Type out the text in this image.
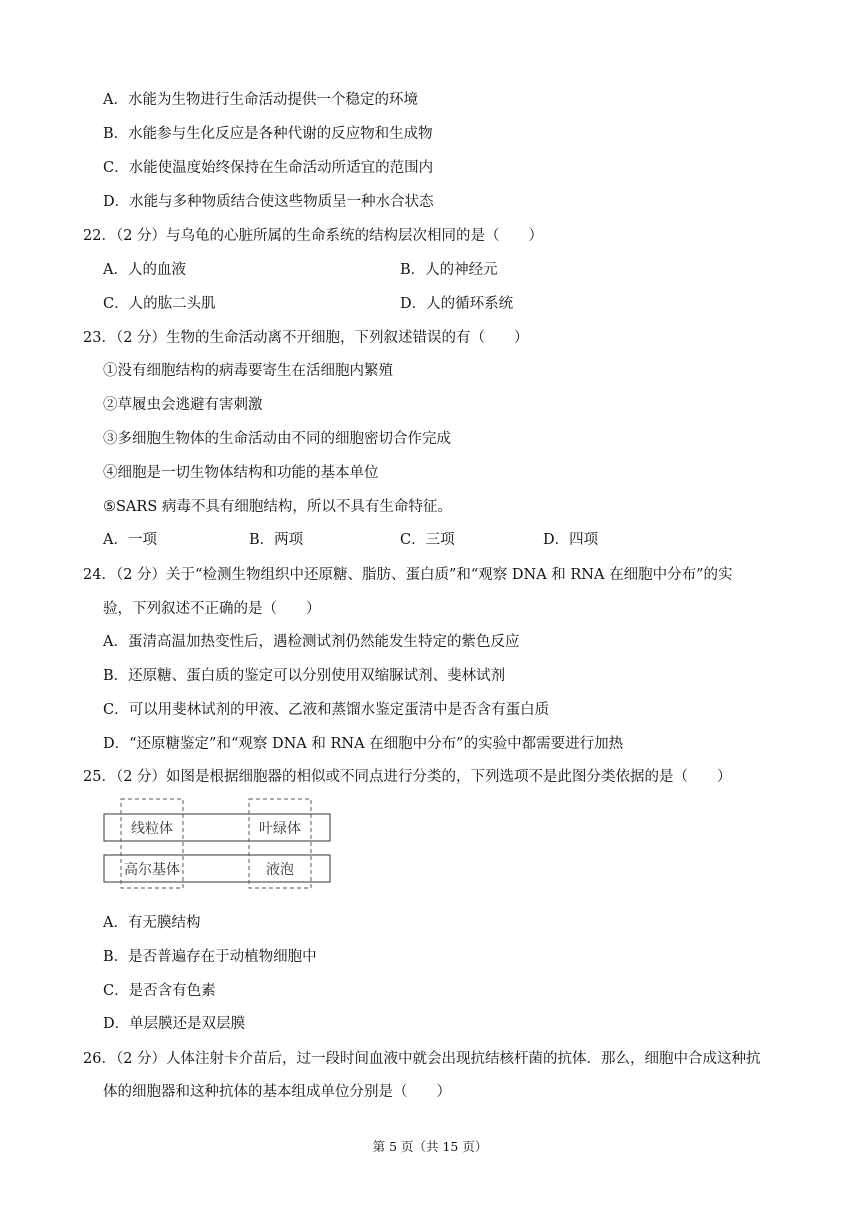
A．水能为生物进行生命活动提供一个稳定的环境
B．水能参与生化反应是各种代谢的反应物和生成物
C．水能使温度始终保持在生命活动所适宜的范围内
D．水能与多种物质结合使这些物质呈一种水合状态
22．（2 分）与乌龟的心脏所属的生命系统的结构层次相同的是（　　）
A．人的血液	B．人的神经元
C．人的肱二头肌	D．人的循环系统
23．（2 分）生物的生命活动离不开细胞，下列叙述错误的有（　　）
①没有细胞结构的病毒要寄生在活细胞内繁殖
②草履虫会逃避有害刺激
③多细胞生物体的生命活动由不同的细胞密切合作完成
④细胞是一切生物体结构和功能的基本单位
⑤SARS 病毒不具有细胞结构，所以不具有生命特征。
A．一项	B．两项	C．三项	D．四项
24．（2 分）关于“检测生物组织中还原糖、脂肪、蛋白质”和“观察 DNA 和 RNA 在细胞中分布”的实
验，下列叙述不正确的是（　　）
A．蛋清高温加热变性后，遇检测试剂仍然能发生特定的紫色反应
B．还原糖、蛋白质的鉴定可以分别使用双缩脲试剂、斐林试剂
C．可以用斐林试剂的甲液、乙液和蒸馏水鉴定蛋清中是否含有蛋白质
D．“还原糖鉴定”和“观察 DNA 和 RNA 在细胞中分布”的实验中都需要进行加热
25．（2 分）如图是根据细胞器的相似或不同点进行分类的，下列选项不是此图分类依据的是（　　）
线粒体	叶绿体
高尔基体	液泡
A．有无膜结构
B．是否普遍存在于动植物细胞中
C．是否含有色素
D．单层膜还是双层膜
26．（2 分）人体注射卡介苗后，过一段时间血液中就会出现抗结核杆菌的抗体．那么，细胞中合成这种抗
体的细胞器和这种抗体的基本组成单位分别是（　　）
第 5 页（共 15 页）
